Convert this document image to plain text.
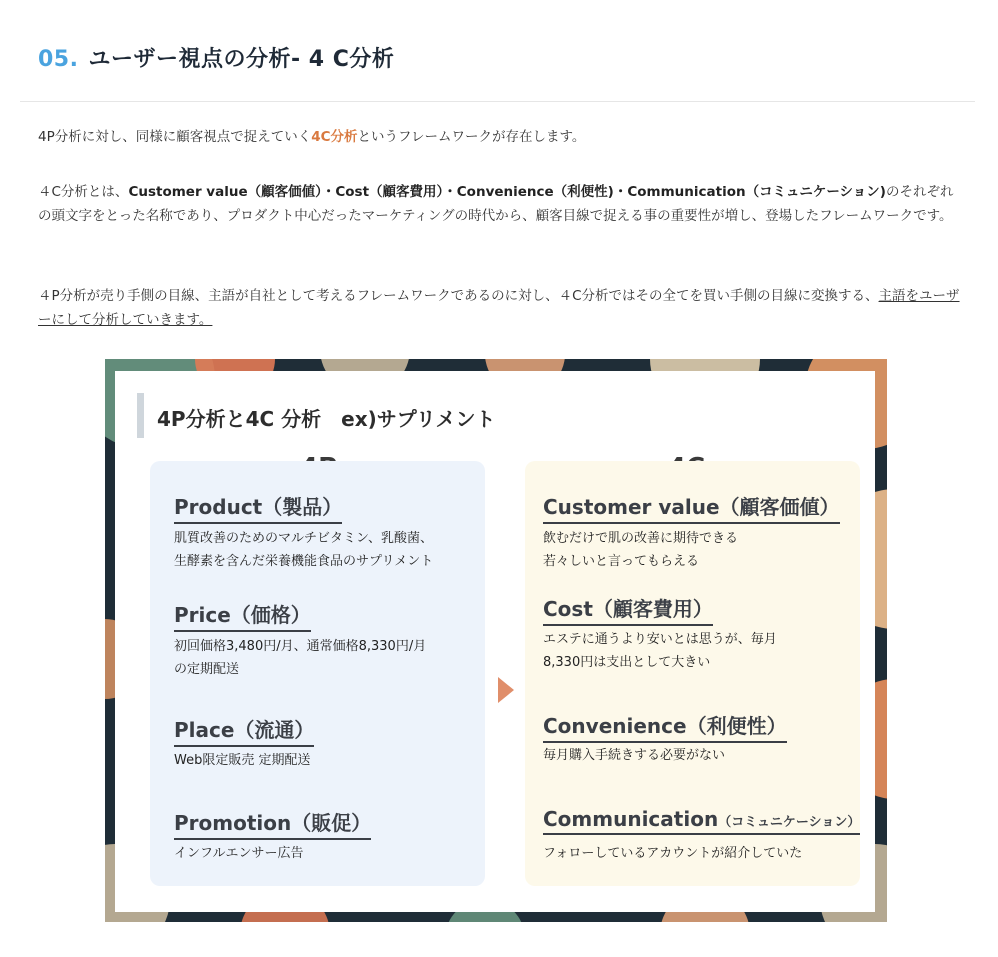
05. ユーザー視点の分析- 4 C分析
4P分析に対し、同様に顧客視点で捉えていく4C分析というフレームワークが存在します。
４C分析とは、Customer value（顧客価値）・Cost（顧客費用）・Convenience（利便性)・Communication（コミュニケーション)のそれぞれの頭文字をとった名称であり、プロダクト中心だったマーケティングの時代から、顧客目線で捉える事の重要性が増し、登場したフレームワークです。
４P分析が売り手側の目線、主語が自社として考えるフレームワークであるのに対し、４C分析ではその全てを買い手側の目線に変換する、主語をユーザーにして分析していきます。
4P分析と4C 分析　ex)サプリメント
Product（製品）
肌質改善のためのマルチビタミン、乳酸菌、
生酵素を含んだ栄養機能食品のサプリメント
Price（価格）
初回価格3,480円/月、通常価格8,330円/月
の定期配送
Place（流通）
Web限定販売 定期配送
Promotion（販促）
インフルエンサー広告
Customer value（顧客価値）
飲むだけで肌の改善に期待できる
若々しいと言ってもらえる
Cost（顧客費用）
エステに通うより安いとは思うが、毎月
8,330円は支出として大きい
Convenience（利便性）
毎月購入手続きする必要がない
Communication（コミュニケーション）
フォローしているアカウントが紹介していた
